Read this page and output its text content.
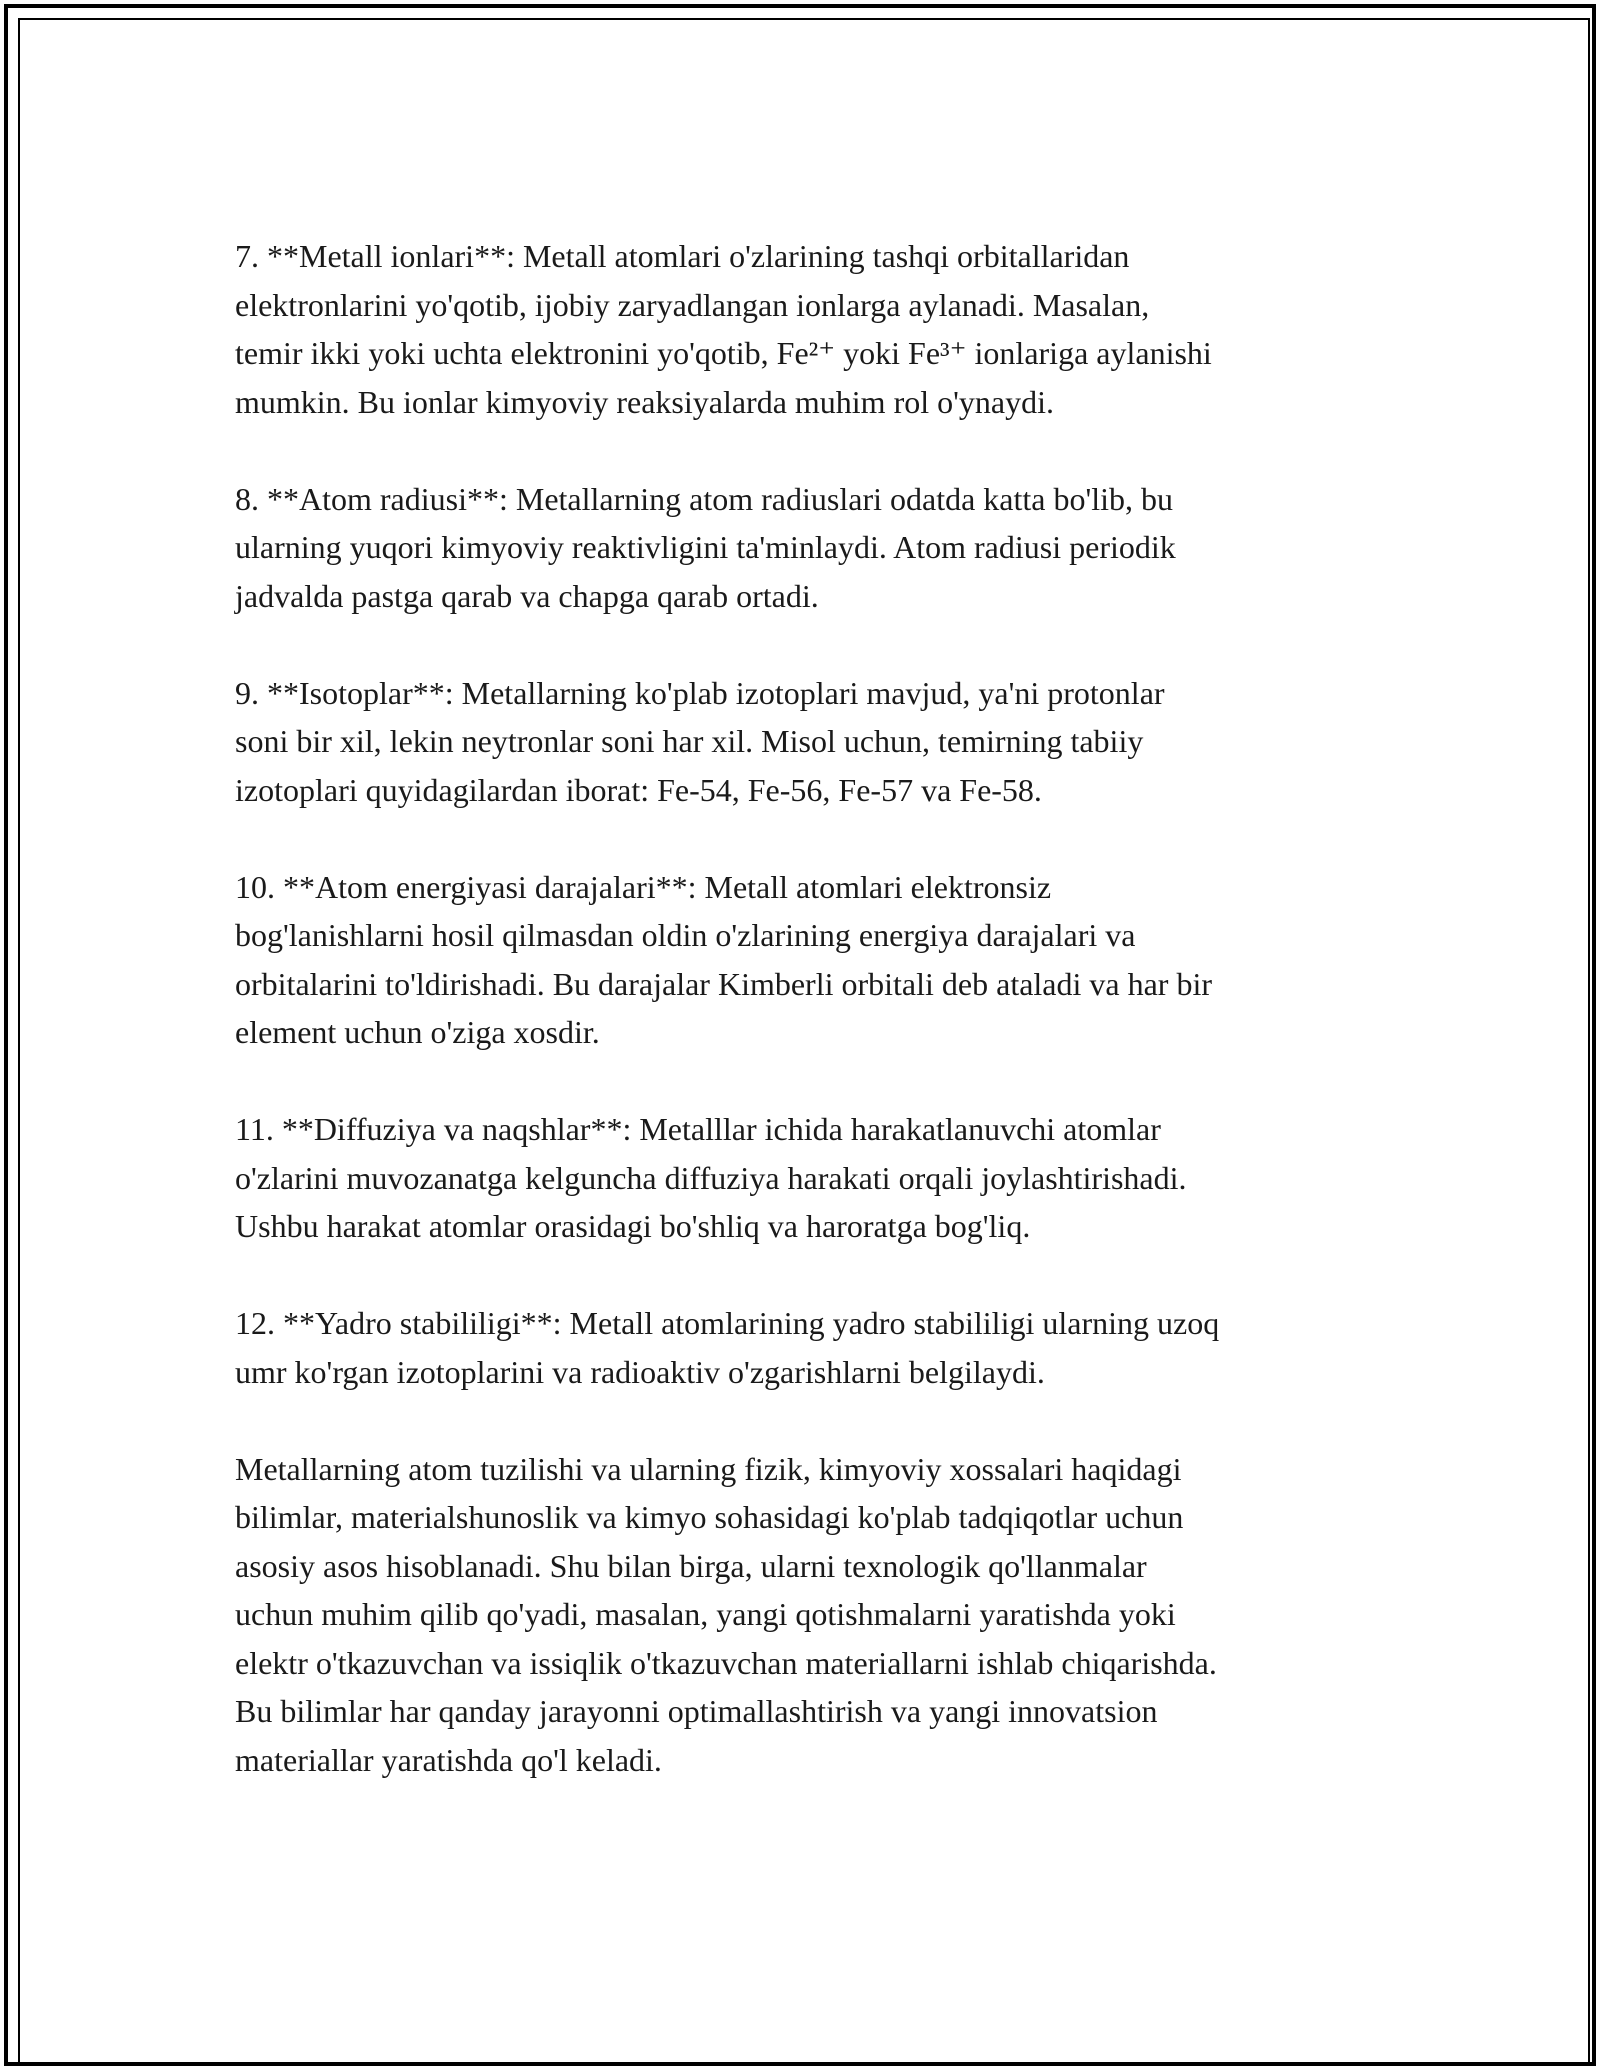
7. **Metall ionlari**: Metall atomlari o'zlarining tashqi orbitallaridan
elektronlarini yo'qotib, ijobiy zaryadlangan ionlarga aylanadi. Masalan,
temir ikki yoki uchta elektronini yo'qotib, Fe²⁺ yoki Fe³⁺ ionlariga aylanishi
mumkin. Bu ionlar kimyoviy reaksiyalarda muhim rol o'ynaydi.

8. **Atom radiusi**: Metallarning atom radiuslari odatda katta bo'lib, bu
ularning yuqori kimyoviy reaktivligini ta'minlaydi. Atom radiusi periodik
jadvalda pastga qarab va chapga qarab ortadi.

9. **Isotoplar**: Metallarning ko'plab izotoplari mavjud, ya'ni protonlar
soni bir xil, lekin neytronlar soni har xil. Misol uchun, temirning tabiiy
izotoplari quyidagilardan iborat: Fe-54, Fe-56, Fe-57 va Fe-58.

10. **Atom energiyasi darajalari**: Metall atomlari elektronsiz
bog'lanishlarni hosil qilmasdan oldin o'zlarining energiya darajalari va
orbitalarini to'ldirishadi. Bu darajalar Kimberli orbitali deb ataladi va har bir
element uchun o'ziga xosdir.

11. **Diffuziya va naqshlar**: Metalllar ichida harakatlanuvchi atomlar
o'zlarini muvozanatga kelguncha diffuziya harakati orqali joylashtirishadi.
Ushbu harakat atomlar orasidagi bo'shliq va haroratga bog'liq.

12. **Yadro stabililigi**: Metall atomlarining yadro stabililigi ularning uzoq
umr ko'rgan izotoplarini va radioaktiv o'zgarishlarni belgilaydi.

Metallarning atom tuzilishi va ularning fizik, kimyoviy xossalari haqidagi
bilimlar, materialshunoslik va kimyo sohasidagi ko'plab tadqiqotlar uchun
asosiy asos hisoblanadi. Shu bilan birga, ularni texnologik qo'llanmalar
uchun muhim qilib qo'yadi, masalan, yangi qotishmalarni yaratishda yoki
elektr o'tkazuvchan va issiqlik o'tkazuvchan materiallarni ishlab chiqarishda.
Bu bilimlar har qanday jarayonni optimallashtirish va yangi innovatsion
materiallar yaratishda qo'l keladi.
